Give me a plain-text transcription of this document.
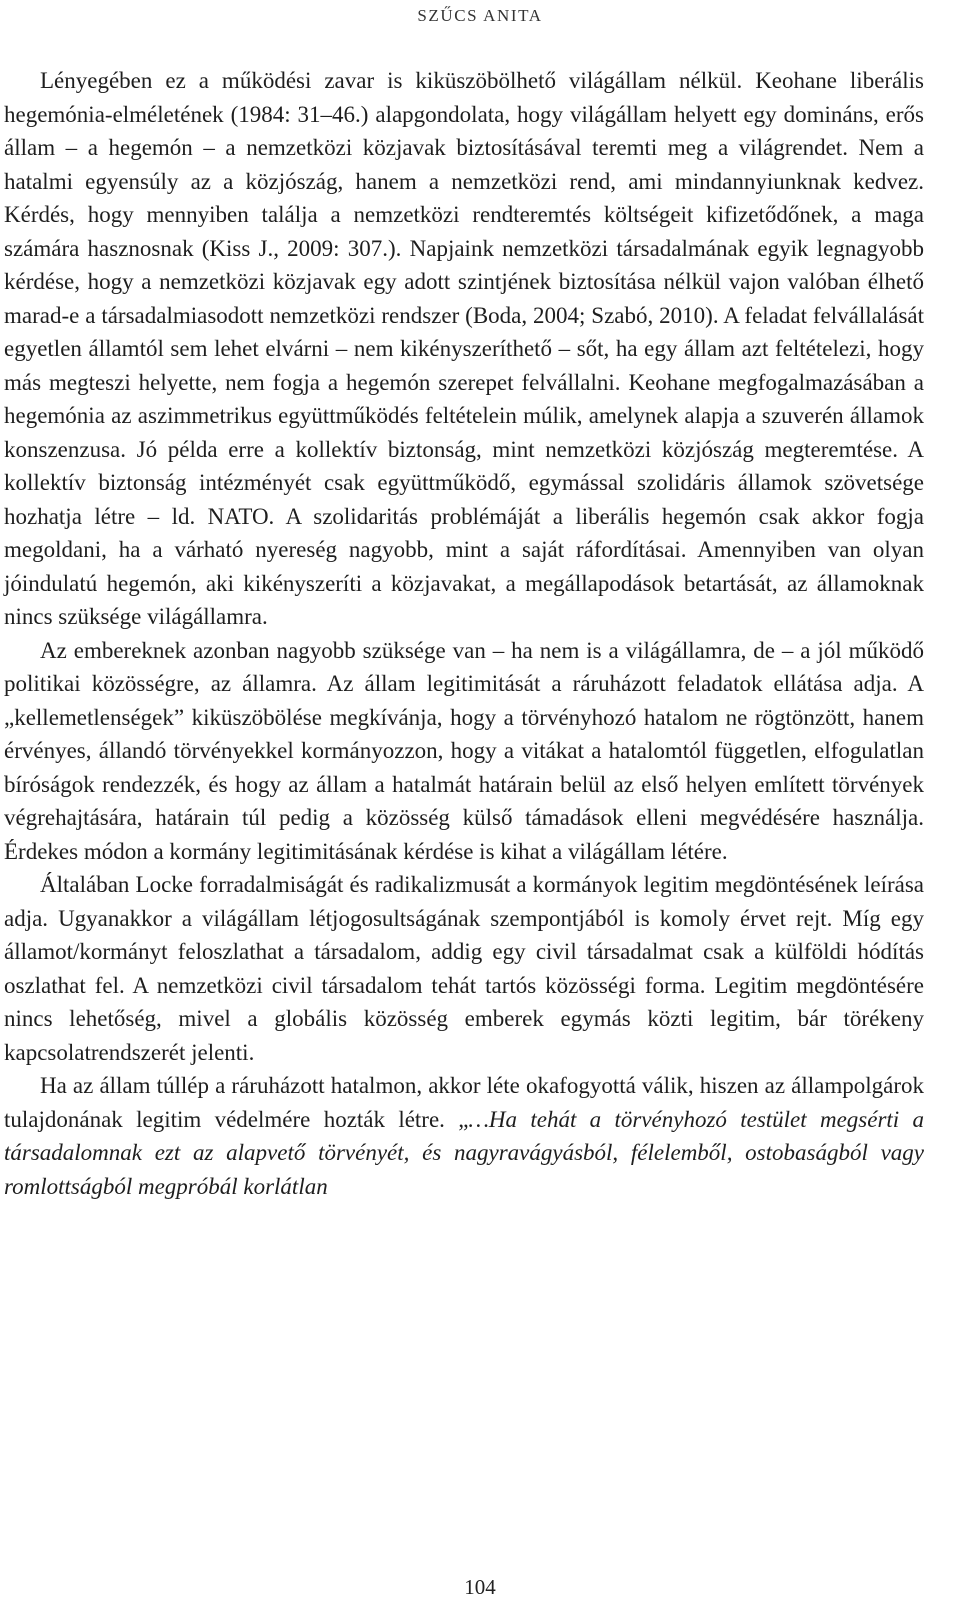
SZŰCS ANITA

Lényegében ez a működési zavar is kiküszöbölhető világállam nélkül. Keohane liberális hegemónia-elméletének (1984: 31–46.) alapgondolata, hogy világállam helyett egy domináns, erős állam – a hegemón – a nemzetközi közjavak biztosításával teremti meg a világrendet. Nem a hatalmi egyensúly az a közjószág, hanem a nemzetközi rend, ami mindannyiunknak kedvez. Kérdés, hogy mennyiben találja a nemzetközi rendteremtés költségeit kifizetődőnek, a maga számára hasznosnak (Kiss J., 2009: 307.). Napjaink nemzetközi társadalmának egyik legnagyobb kérdése, hogy a nemzetközi közjavak egy adott szintjének biztosítása nélkül vajon valóban élhető marad-e a társadalmiasodott nemzetközi rendszer (Boda, 2004; Szabó, 2010). A feladat felvállalását egyetlen államtól sem lehet elvárni – nem kikényszeríthető – sőt, ha egy állam azt feltételezi, hogy más megteszi helyette, nem fogja a hegemón szerepet felvállalni. Keohane megfogalmazásában a hegemónia az aszimmetrikus együttműködés feltételein múlik, amelynek alapja a szuverén államok konszenzusa. Jó példa erre a kollektív biztonság, mint nemzetközi közjószág megteremtése. A kollektív biztonság intézményét csak együttműködő, egymással szolidáris államok szövetsége hozhatja létre – ld. NATO. A szolidaritás problémáját a liberális hegemón csak akkor fogja megoldani, ha a várható nyereség nagyobb, mint a saját ráfordításai. Amennyiben van olyan jóindulatú hegemón, aki kikényszeríti a közjavakat, a megállapodások betartását, az államoknak nincs szüksége világállamra.

Az embereknek azonban nagyobb szüksége van – ha nem is a világállamra, de – a jól működő politikai közösségre, az államra. Az állam legitimitását a ráruházott feladatok ellátása adja. A „kellemetlenségek” kiküszöbölése megkívánja, hogy a törvényhozó hatalom ne rögtönzött, hanem érvényes, állandó törvényekkel kormányozzon, hogy a vitákat a hatalomtól független, elfogulatlan bíróságok rendezzék, és hogy az állam a hatalmát határain belül az első helyen említett törvények végrehajtására, határain túl pedig a közösség külső támadások elleni megvédésére használja. Érdekes módon a kormány legitimitásának kérdése is kihat a világállam létére.

Általában Locke forradalmiságát és radikalizmusát a kormányok legitim megdöntésének leírása adja. Ugyanakkor a világállam létjogosultságának szempontjából is komoly érvet rejt. Míg egy államot/kormányt feloszlathat a társadalom, addig egy civil társadalmat csak a külföldi hódítás oszlathat fel. A nemzetközi civil társadalom tehát tartós közösségi forma. Legitim megdöntésére nincs lehetőség, mivel a globális közösség emberek egymás közti legitim, bár törékeny kapcsolatrendszerét jelenti.

Ha az állam túllép a ráruházott hatalmon, akkor léte okafogyottá válik, hiszen az állampolgárok tulajdonának legitim védelmére hozták létre. „…Ha tehát a törvényhozó testület megsérti a társadalomnak ezt az alapvető törvényét, és nagyravágyásból, félelemből, ostobaságból vagy romlottságból megpróbál korlátlan

104
